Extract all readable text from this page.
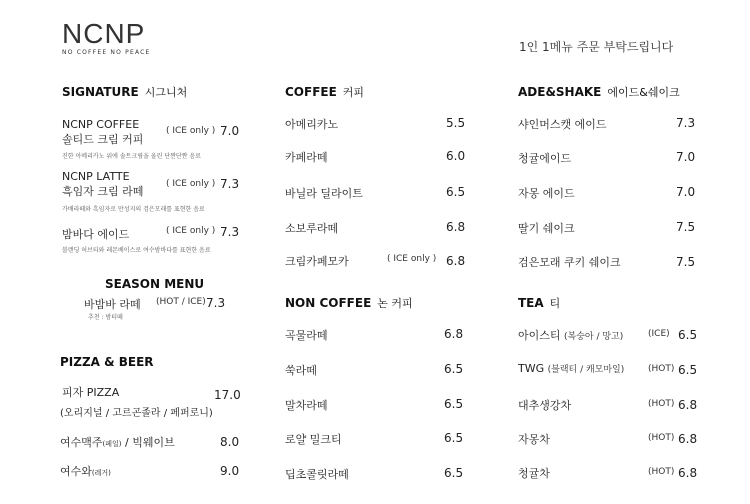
NCNP
NO COFFEE NO PEACE	1인 1메뉴 주문 부탁드립니다
SIGNATURE 시그니처
NCNP COFFEE
솔티드 크림 커피
( ICE only ) 7.0
진한 아메리카노 위에 솔트크림을 올린 단짠단짠 음료
NCNP LATTE
흑임자 크림 라떼
( ICE only ) 7.3
가배라떼와 흑임자로 만성지의 검은모래를 표현한 음료
밤바다 에이드	( ICE only ) 7.3
블랜딩 허브티와 레몬베이스로 여수밤바다를 표현한 음료
SEASON MENU
바밤바 라떼 (HOT / ICE) 7.3
추천 : 밤티떼
PIZZA & BEER
피자 PIZZA	17.0
(오리지널 / 고르곤졸라 / 페퍼로니)
여수맥주(페일) / 빅웨이브	8.0
여수와(레거)	9.0
COFFEE 커피
아메리카노	5.5
카페라떼	6.0
바닐라 딜라이트	6.5
소보루라떼	6.8
크림카페모카	( ICE only ) 6.8
NON COFFEE 논 커피
곡물라떼	6.8
쑥라떼	6.5
말차라떼	6.5
로얄 밀크티	6.5
딥초콜릿라떼	6.5
ADE&SHAKE 에이드&쉐이크
샤인머스캣 에이드	7.3
청귤에이드	7.0
자몽 에이드	7.0
딸기 쉐이크	7.5
검은모래 쿠키 쉐이크	7.5
TEA 티
아이스티 (복숭아 / 망고)	(ICE) 6.5
TWG (블랙티 / 캐모마일)	(HOT) 6.5
대추생강차	(HOT) 6.8
자몽차	(HOT) 6.8
청귤차	(HOT) 6.8
